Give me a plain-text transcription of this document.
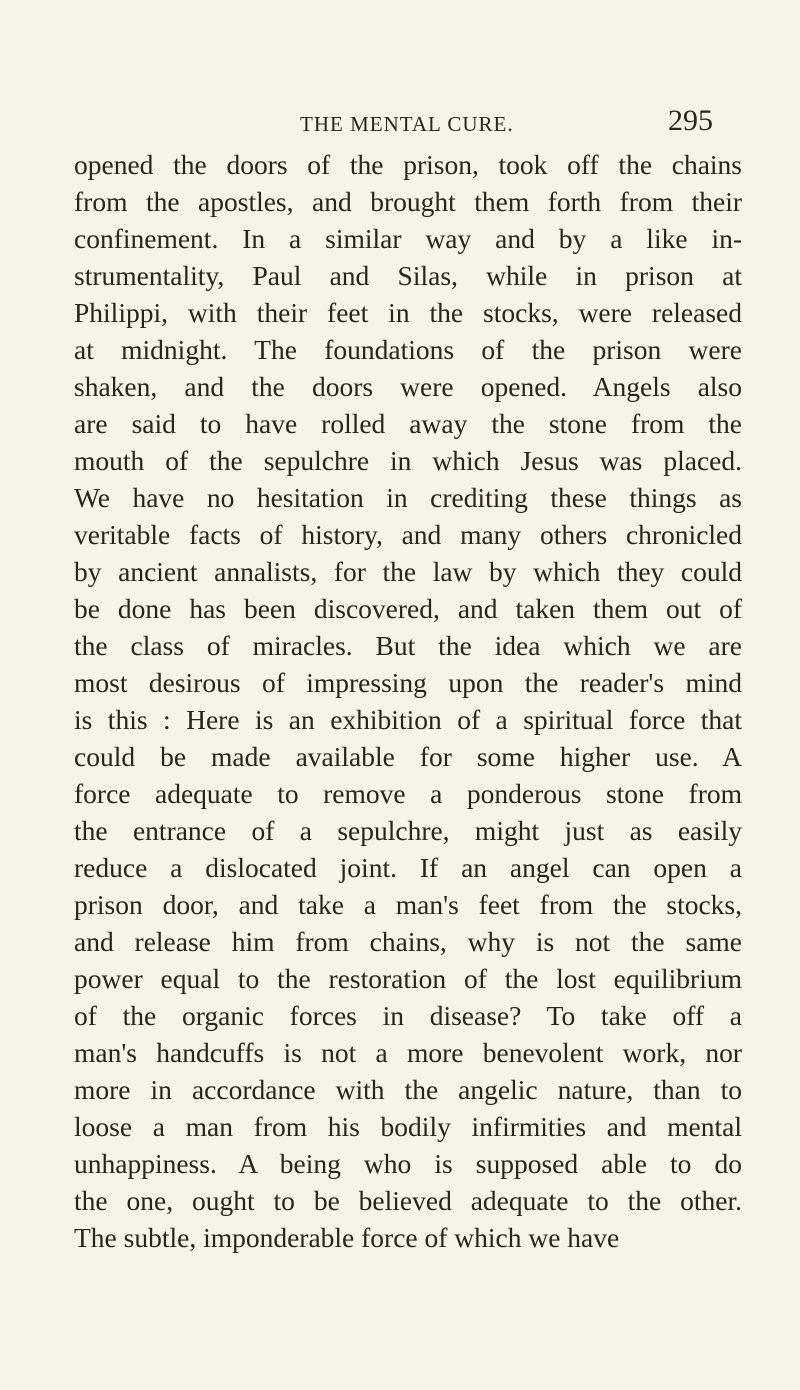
THE MENTAL CURE.	295
opened the doors of the prison, took off the chains
from the apostles, and brought them forth from their
confinement. In a similar way and by a like in-
strumentality, Paul and Silas, while in prison at
Philippi, with their feet in the stocks, were released
at midnight. The foundations of the prison were
shaken, and the doors were opened. Angels also
are said to have rolled away the stone from the
mouth of the sepulchre in which Jesus was placed.
We have no hesitation in crediting these things as
veritable facts of history, and many others chronicled
by ancient annalists, for the law by which they could
be done has been discovered, and taken them out of
the class of miracles. But the idea which we are
most desirous of impressing upon the reader's mind
is this : Here is an exhibition of a spiritual force that
could be made available for some higher use. A
force adequate to remove a ponderous stone from
the entrance of a sepulchre, might just as easily
reduce a dislocated joint. If an angel can open a
prison door, and take a man's feet from the stocks,
and release him from chains, why is not the same
power equal to the restoration of the lost equilibrium
of the organic forces in disease? To take off a
man's handcuffs is not a more benevolent work, nor
more in accordance with the angelic nature, than to
loose a man from his bodily infirmities and mental
unhappiness. A being who is supposed able to do
the one, ought to be believed adequate to the other.
The subtle, imponderable force of which we have
